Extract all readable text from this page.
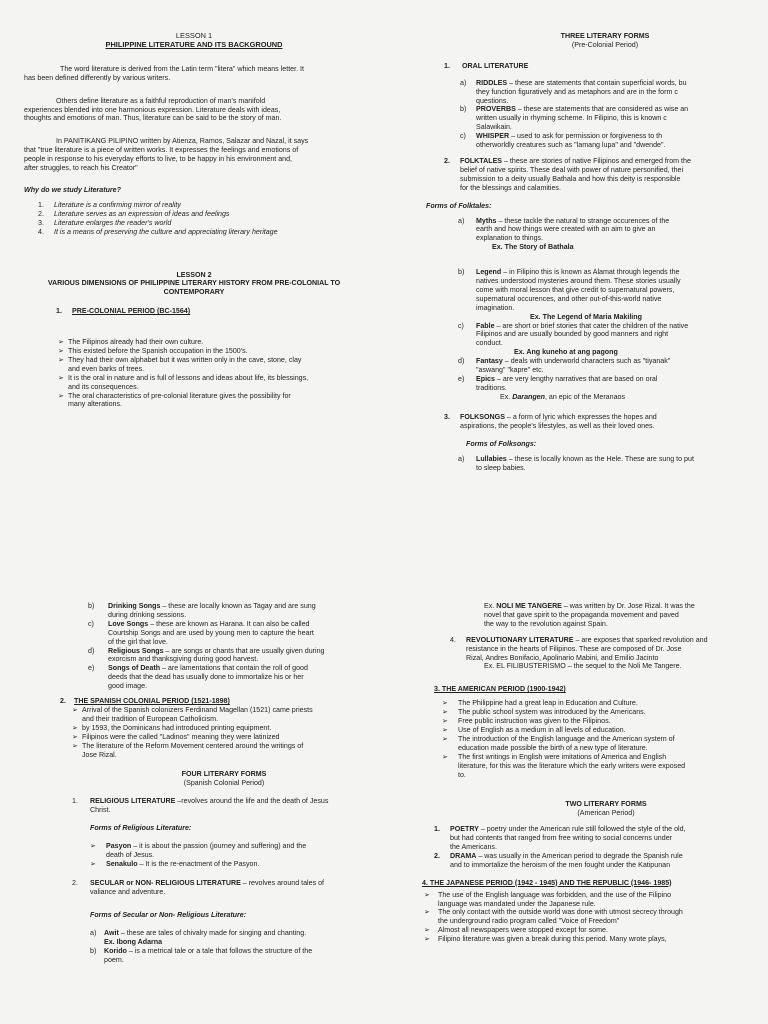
LESSON 1

PHILIPPINE LITERATURE AND ITS BACKGROUND

The word literature is derived from the Latin term "litera" which means letter. It

has been defined differently by various writers.

Others define literature as a faithful reproduction of man's manifold

experiences blended into one harmonious expression. Literature deals with ideas,

thoughts and emotions of man. Thus, literature can be said to be the story of man.

In PANITIKANG PILIPINO written by Atienza, Ramos, Salazar and Nazal, it says

that "true literature is a piece of written works. It expresses the feelings and emotions of

people in response to his everyday efforts to live, to be happy in his environment and,

after struggles, to reach his Creator"

Why do we study Literature?

1.	Literature is a confirming mirror of reality
2.	Literature serves as an expression of ideas and feelings
3.	Literature enlarges the reader's world
4.	It is a means of preserving the culture and appreciating literary heritage

LESSON 2

VARIOUS DIMENSIONS OF PHILIPPINE LITERARY HISTORY FROM PRE-COLONIAL TO

CONTEMPORARY

1.	PRE-COLONIAL PERIOD (BC-1564)
➢ The Filipinos already had their own culture.
➢ This existed before the Spanish occupation in the 1500's.
➢ They had their own alphabet but it was written only in the cave, stone, clay
and even barks of trees.
➢ It is the oral in nature and is full of lessons and ideas about life, its blessings,
and its consequences.
➢ The oral characteristics of pre-colonial literature gives the possibility for
many alterations.

THREE LITERARY FORMS

(Pre-Colonial Period)

1.	ORAL LITERATURE
a)	RIDDLES – these are statements that contain superficial words, bu
they function figuratively and as metaphors and are in the form c
questions.
b)	PROVERBS – these are statements that are considered as wise an
written usually in rhyming scheme. In Filipino, this is known c
Salawikain.
c)	WHISPER – used to ask for permission or forgiveness to th
otherworldly creatures such as "lamang lupa" and "dwende".
2.	FOLKTALES – these are stories of native Filipinos and emerged from the
belief of native spirits. These deal with power of nature personified, thei
submission to a deity usually Bathala and how this deity is responsible
for the blessings and calamities.

Forms of Folktales:

a)	Myths – these tackle the natural to strange occurences of the
earth and how things were created with an aim to give an
explanation to things.
Ex. The Story of Bathala
b)	Legend – in Filipino this is known as Alamat through legends the
natives understood mysteries around them. These stories usually
come with moral lesson that give credit to supernatural powers,
supernatural occurences, and other out-of-this-world native
imagination.
Ex. The Legend of Maria Makiling
c)	Fable – are short or brief stories that cater the children of the native
Filipinos and are usually bounded by good manners and right
conduct.
Ex. Ang kuneho at ang pagong
d)	Fantasy – deals with underworld characters such as "tiyanak"
"aswang" "kapre" etc.
e)	Epics – are very lengthy narratives that are based on oral
traditions.
Ex. Darangen, an epic of the Meranaos
3.	FOLKSONGS – a form of lyric which expresses the hopes and
aspirations, the people's lifestyles, as well as their loved ones.

Forms of Folksongs:

a)	Lullabies – these is locally known as the Hele. These are sung to put
to sleep babies.
b)	Drinking Songs – these are locally known as Tagay and are sung
during drinking sessions.
c)	Love Songs – these are known as Harana. It can also be called
Courtship Songs and are used by young men to capture the heart
of the girl that love.
d)	Religious Songs – are songs or chants that are usually given during
exorcism and thanksgiving during good harvest.
e)	Songs of Death – are lamentations that contain the roll of good
deeds that the dead has usually done to immortalize his or her
good image.
2.	THE SPANISH COLONIAL PERIOD (1521-1898)
➢ Arrival of the Spanish colonizers Ferdinand Magellan (1521) came priests
and their tradition of European Catholicism.
➢ by 1593, the Dominicans had introduced printing equipment.
➢ Filipinos were the called "Ladinos" meaning they were latinized
➢ The literature of the Reform Movement centered around the writings of
Jose Rizal.

FOUR LITERARY FORMS

(Spanish Colonial Period)

1.	RELIGIOUS LITERATURE –revolves around the life and the death of Jesus
Christ.

Forms of Religious Literature:

➢	Pasyon – it is about the passion (journey and suffering) and the
death of Jesus.
➢	Senakulo – It is the re-enactment of the Pasyon.
2.	SECULAR or NON- RELIGIOUS LITERATURE – revolves around tales of
valiance and adventure.

Forms of Secular or Non- Religious Literature:

a)	Awit – these are tales of chivalry made for singing and chanting.
Ex. Ibong Adarna
b)	Korido – is a metrical tale or a tale that follows the structure of the
poem.
Ex. NOLI ME TANGERE – was written by Dr. Jose Rizal. It was the
novel that gave spirit to the propaganda movement and paved
the way to the revolution against Spain.
4.	REVOLUTIONARY LITERATURE – are exposes that sparked revolution and
resistance in the hearts of Filipinos. These are composed of Dr. Jose
Rizal, Andres Bonifacio, Apolinario Mabini, and Emilio Jacinto
Ex. EL FILIBUSTERISMO – the sequel to the Noli Me Tangere.

3. THE AMERICAN PERIOD (1900-1942)

➢	The Philippine had a great leap in Education and Culture.
➢	The public school system was introduced by the Americans.
➢	Free public instruction was given to the Filipinos.
➢	Use of English as a medium in all levels of education.
➢	The introduction of the English language and the American system of
education made possible the birth of a new type of literature.
➢	The first writings in English were imitations of America and English
literature, for this was the literature which the early writers were exposed
to.

TWO LITERARY FORMS

(American Period)

1.	POETRY – poetry under the American rule still followed the style of the old,
but had contents that ranged from free writing to social concerns under
the Americans.
2.	DRAMA – was usually in the American period to degrade the Spanish rule
and to immortalize the heroism of the men fought under the Katipunan

4. THE JAPANESE PERIOD (1942 - 1945) AND THE REPUBLIC (1946- 1985)

➢	The use of the English language was forbidden, and the use of the Filipino
language was mandated under the Japanese rule.
➢	The only contact with the outside world was done with utmost secrecy through
the underground radio program called "Voice of Freedom"
➢	Almost all newspapers were stopped except for some.
➢	Filipino literature was given a break during this period. Many wrote plays,
